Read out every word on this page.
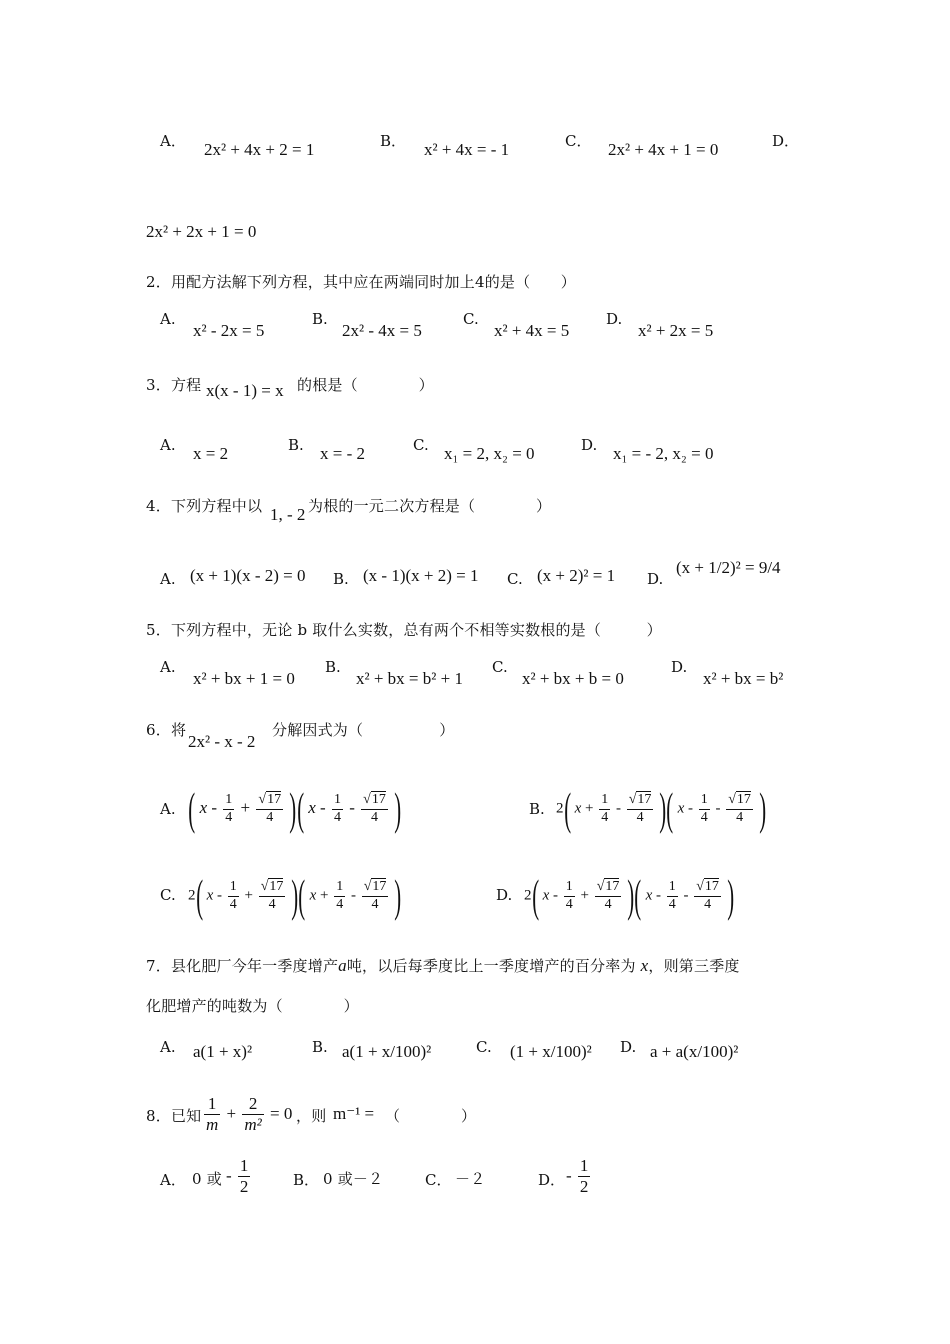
A． 2x² + 4x + 2 = 1	B． x² + 4x = - 1	C． 2x² + 4x + 1 = 0	D．
2x² + 2x + 1 = 0
2．用配方法解下列方程，其中应在两端同时加上4的是（　　）
A.
x² - 2x = 5
B.
2x² - 4x = 5
C.
x² + 4x = 5
D.
x² + 2x = 5
3．方程 x(x - 1) = x 的根是（　　　　）
A. x = 2	B. x = - 2	C. x₁ = 2, x₂ = 0	D. x₁ = - 2, x₂ = 0
4．下列方程中以 1, - 2 为根的一元二次方程是（　　　　）
A. (x + 1)(x - 2) = 0 B. (x - 1)(x + 2) = 1 C. (x + 2)² = 1 D.
(x + 1/2)² = 9/4
5．下列方程中，无论 b 取什么实数，总有两个不相等实数根的是（　　　）
A.
x² + bx + 1 = 0
B.
x² + bx = b² + 1
C.
x² + bx + b = 0
D.
x² + bx = b²
6．将
2x² - x - 2
分解因式为（　　　　　）
A. ( $x - \frac{1}{4} + \frac{√17}{4}$ )( x - $\frac{1}{4} - \frac{√17}{4}$ )	B. 2( $x + \frac{1}{4} - \frac{√17}{4}$ )( x - $\frac{1}{4} - \frac{√17}{4}$ )
C. 2( $x - \frac{1}{4} + \frac{√17}{4}$ )( $x + \frac{1}{4} - \frac{√17}{4}$ )	D. 2( $x - \frac{1}{4} + \frac{√17}{4}$ )( x - $\frac{1}{4} - \frac{√17}{4}$ )
7．县化肥厂今年一季度增产a吨，以后每季度比上一季度增产的百分率为 x，则第三季度
化肥增产的吨数为（　　　　）
A. a(1 + x)²	B. a(1 + x/100)²	C. (1 + x/100)² D. a + a(x/100)²
8．已知 $\frac{1}{m} + \frac{2}{\text{m²}} = 0$ ，则 m⁻¹ = （　　　　）
A． 0 或 - $\frac{1}{2}$	B． 0 或－２	C． －２	D． - $\frac{1}{2}$
